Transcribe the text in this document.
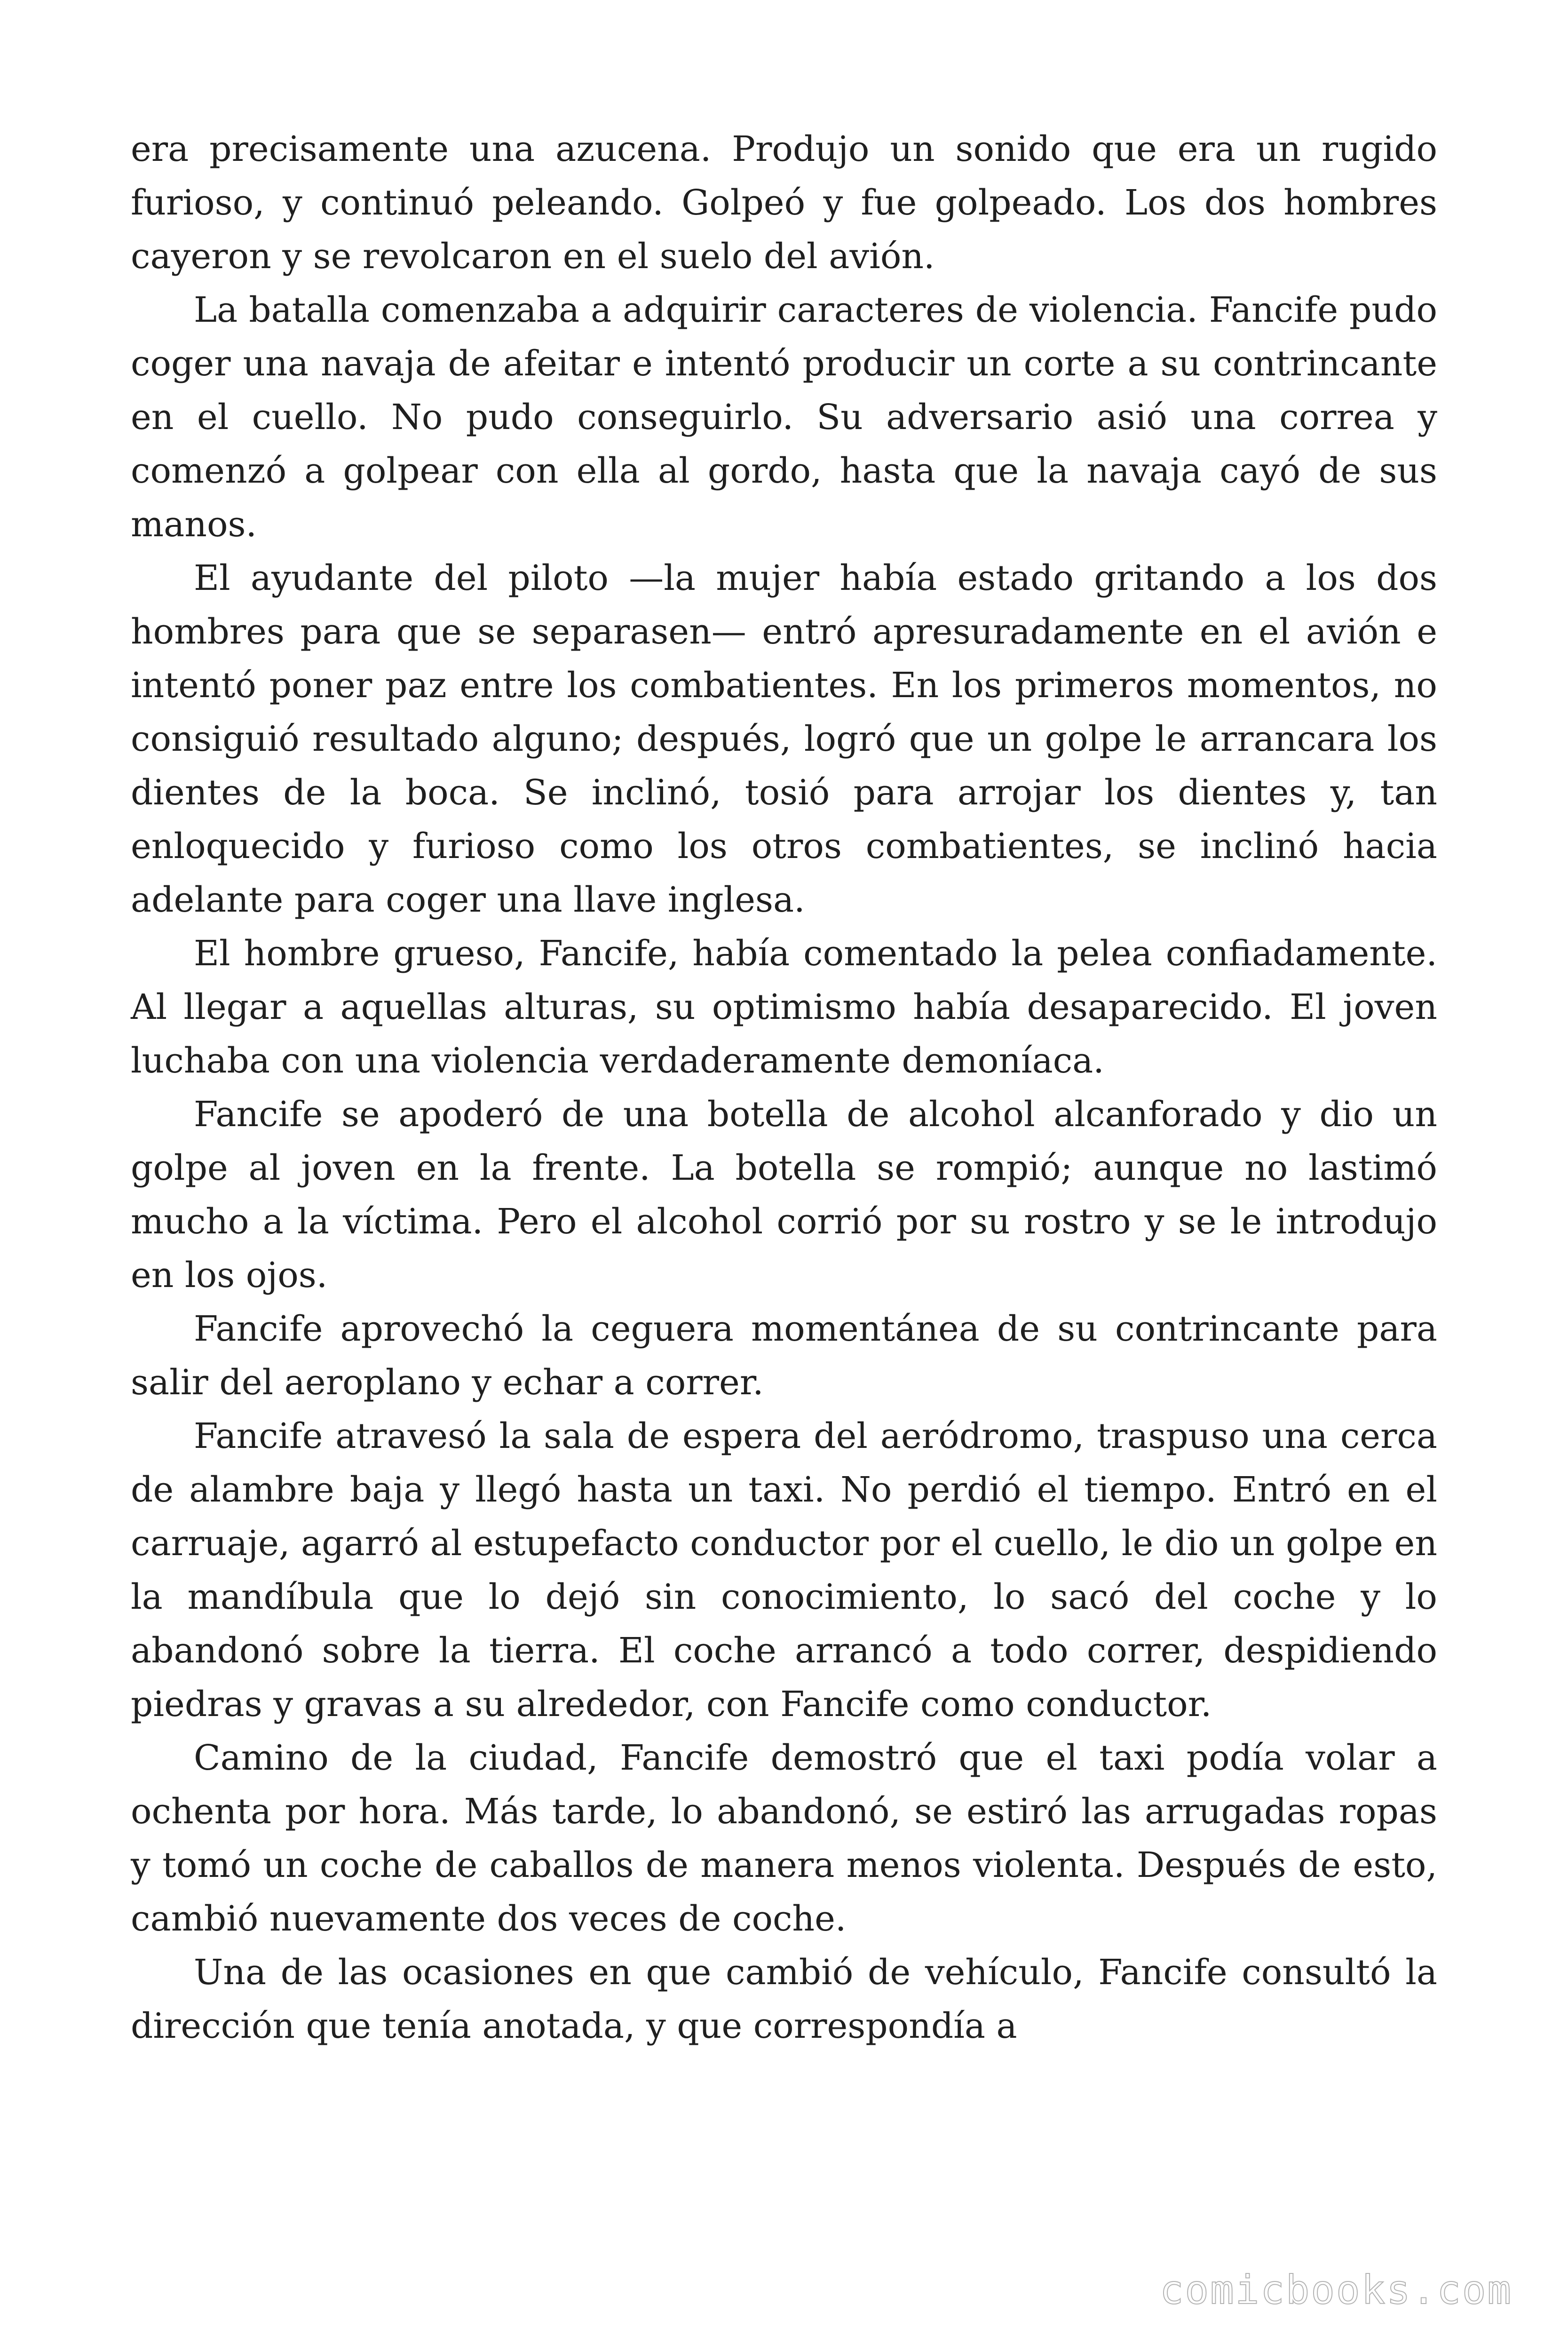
era precisamente una azucena. Produjo un sonido que era un rugido furioso, y continuó peleando. Golpeó y fue golpeado. Los dos hombres cayeron y se revolcaron en el suelo del avión.

La batalla comenzaba a adquirir caracteres de violencia. Fancife pudo coger una navaja de afeitar e intentó producir un corte a su contrincante en el cuello. No pudo conseguirlo. Su adversario asió una correa y comenzó a golpear con ella al gordo, hasta que la navaja cayó de sus manos.

El ayudante del piloto —la mujer había estado gritando a los dos hombres para que se separasen— entró apresuradamente en el avión e intentó poner paz entre los combatientes. En los primeros momentos, no consiguió resultado alguno; después, logró que un golpe le arrancara los dientes de la boca. Se inclinó, tosió para arrojar los dientes y, tan enloquecido y furioso como los otros combatientes, se inclinó hacia adelante para coger una llave inglesa.

El hombre grueso, Fancife, había comentado la pelea confiadamente. Al llegar a aquellas alturas, su optimismo había desaparecido. El joven luchaba con una violencia verdaderamente demoníaca.

Fancife se apoderó de una botella de alcohol alcanforado y dio un golpe al joven en la frente. La botella se rompió; aunque no lastimó mucho a la víctima. Pero el alcohol corrió por su rostro y se le introdujo en los ojos.

Fancife aprovechó la ceguera momentánea de su contrincante para salir del aeroplano y echar a correr.

Fancife atravesó la sala de espera del aeródromo, traspuso una cerca de alambre baja y llegó hasta un taxi. No perdió el tiempo. Entró en el carruaje, agarró al estupefacto conductor por el cuello, le dio un golpe en la mandíbula que lo dejó sin conocimiento, lo sacó del coche y lo abandonó sobre la tierra. El coche arrancó a todo correr, despidiendo piedras y gravas a su alrededor, con Fancife como conductor.

Camino de la ciudad, Fancife demostró que el taxi podía volar a ochenta por hora. Más tarde, lo abandonó, se estiró las arrugadas ropas y tomó un coche de caballos de manera menos violenta. Después de esto, cambió nuevamente dos veces de coche.

Una de las ocasiones en que cambió de vehículo, Fancife consultó la dirección que tenía anotada, y que correspondía a

comicbooks.com
